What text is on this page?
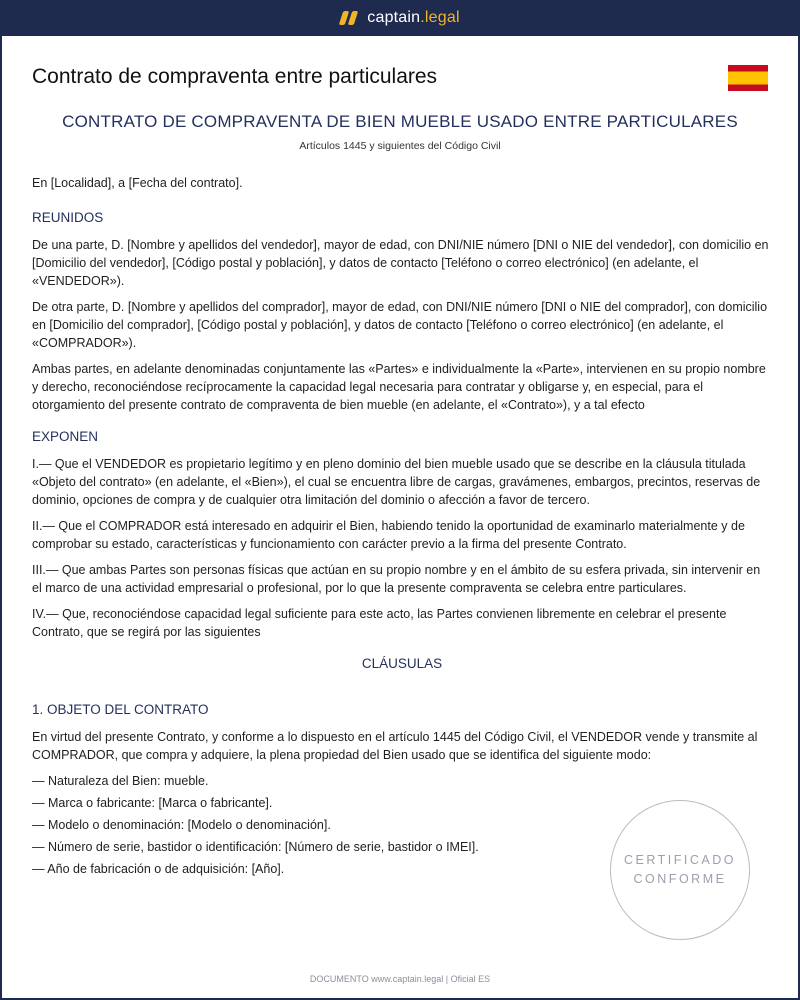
captain.legal
Contrato de compraventa entre particulares
CONTRATO DE COMPRAVENTA DE BIEN MUEBLE USADO ENTRE PARTICULARES
Artículos 1445 y siguientes del Código Civil

En [Localidad], a [Fecha del contrato].

REUNIDOS

De una parte, D. [Nombre y apellidos del vendedor], mayor de edad, con DNI/NIE número [DNI o NIE del vendedor], con domicilio en [Domicilio del vendedor], [Código postal y población], y datos de contacto [Teléfono o correo electrónico] (en adelante, el «VENDEDOR»).

De otra parte, D. [Nombre y apellidos del comprador], mayor de edad, con DNI/NIE número [DNI o NIE del comprador], con domicilio en [Domicilio del comprador], [Código postal y población], y datos de contacto [Teléfono o correo electrónico] (en adelante, el «COMPRADOR»).

Ambas partes, en adelante denominadas conjuntamente las «Partes» e individualmente la «Parte», intervienen en su propio nombre y derecho, reconociéndose recíprocamente la capacidad legal necesaria para contratar y obligarse y, en especial, para el otorgamiento del presente contrato de compraventa de bien mueble (en adelante, el «Contrato»), y a tal efecto

EXPONEN

I.— Que el VENDEDOR es propietario legítimo y en pleno dominio del bien mueble usado que se describe en la cláusula titulada «Objeto del contrato» (en adelante, el «Bien»), el cual se encuentra libre de cargas, gravámenes, embargos, precintos, reservas de dominio, opciones de compra y de cualquier otra limitación del dominio o afección a favor de tercero.

II.— Que el COMPRADOR está interesado en adquirir el Bien, habiendo tenido la oportunidad de examinarlo materialmente y de comprobar su estado, características y funcionamiento con carácter previo a la firma del presente Contrato.

III.— Que ambas Partes son personas físicas que actúan en su propio nombre y en el ámbito de su esfera privada, sin intervenir en el marco de una actividad empresarial o profesional, por lo que la presente compraventa se celebra entre particulares.

IV.— Que, reconociéndose capacidad legal suficiente para este acto, las Partes convienen libremente en celebrar el presente Contrato, que se regirá por las siguientes

CLÁUSULAS
1. OBJETO DEL CONTRATO

En virtud del presente Contrato, y conforme a lo dispuesto en el artículo 1445 del Código Civil, el VENDEDOR vende y transmite al COMPRADOR, que compra y adquiere, la plena propiedad del Bien usado que se identifica del siguiente modo:

— Naturaleza del Bien: mueble.
— Marca o fabricante: [Marca o fabricante].
— Modelo o denominación: [Modelo o denominación].
— Número de serie, bastidor o identificación: [Número de serie, bastidor o IMEI].
— Año de fabricación o de adquisición: [Año].
CERTIFICADO
CONFORME
DOCUMENTO www.captain.legal | Oficial ES
